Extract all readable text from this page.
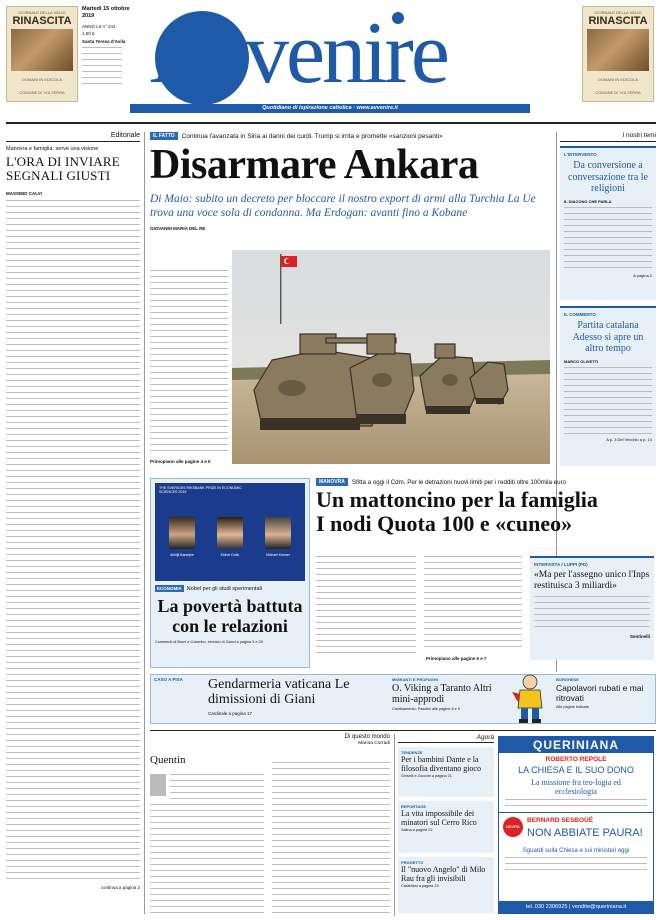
GIORNALE DELLA VALLE
RINASCITA
DOMANI IN EDICOLA
COMUNE DI VOLTERRA
Martedì 15 ottobre 2019
ANNO LII n° 244
1,50 €
Santa Teresa d'Avila Avvenire
Quotidiano di ispirazione cattolica · www.avvenire.it
GIORNALE DELLA VALLE
RINASCITA
DOMANI IN EDICOLA
COMUNE DI VOLTERRA
Editoriale
Manovra e famiglia: serve una visione
L'ORA DI INVIARE SEGNALI GIUSTI
MASSIMO CALVI
continua a pagina 2
IL FATTO	Continua l'avanzata in Siria ai danni dei curdi. Trump si irrita e promette «sanzioni pesanti»
Disarmare Ankara
Di Maio: subito un decreto per bloccare il nostro export di armi alla Turchia La Ue trova una voce sola di condanna. Ma Erdogan: avanti fino a Kobane
GIOVANNI MARIA DEL RE
Primopiano alle pagine 4 e 5
I nostri temi
L'INTERVENTO
Da conversione a conversazione tra le religioni
IL DIACONO CHE PARLA
A pagina 2
IL COMMENTO
Partita catalana Adesso si apre un altro tempo
MARCO OLIVETTI
A p. 3 Del Vecchio a p. 14
THE SVERIGES RIKSBANK PRIZE IN ECONOMIC SCIENCES 2019
Abhijit Banerjee	Esther Duflo	Michael Kremer
ECONOMIA Nobel per gli studi sperimentali
La povertà battuta con le relazioni
Commenti di Bruni e Colombo, servizio di Ganzi a pagina 3 e 20
MANOVRA	Sfitta a oggi il Cdm. Per le detrazioni nuovi limiti per i redditi oltre 100mila euro
Un mattoncino per la famiglia
I nodi Quota 100 e «cuneo»
Primopiano alle pagine 6 e 7
INTERVISTA / LUPPI (PD)
«Ma per l'assegno unico l'Inps restituisca 3 miliardi»
Sentinelli
CASO A PISA	Gendarmeria vaticana Le dimissioni di Giani
Cardinale a pagina 17
MIGRANTI E PROFUGHI
O. Viking a Taranto Altri mini-approdi
Cambiamento, Pasolini alle pagine 8 e 9
BORGHESE
Capolavori rubati e mai ritrovati
Alle pagine indicate
Di questo mondo
Marina Corradi
Quentin
Agorà
TENDENZE
Per i bambini Dante e la filosofia diventano gioco
Ghiselli e Zucconi a pagina 21
REPORTAGE
La vita impossibile dei minatori sul Cerro Rico
Salina a pagina 22
PROGETTO
Il "nuovo Angelo" di Milo Rau fra gli invisibili
Castellani a pagina 23
QUERINIANA
ROBERTO REPOLE
LA CHIESA E IL SUO DONO
La missione fra teo-logia ed ecclesiologia
NOVITÀ
BERNARD SESBOÜÉ
NON ABBIATE PAURA!
Sguardi sulla Chiesa e sui ministeri oggi
tel. 030 2306925 | vendite@queriniana.it
